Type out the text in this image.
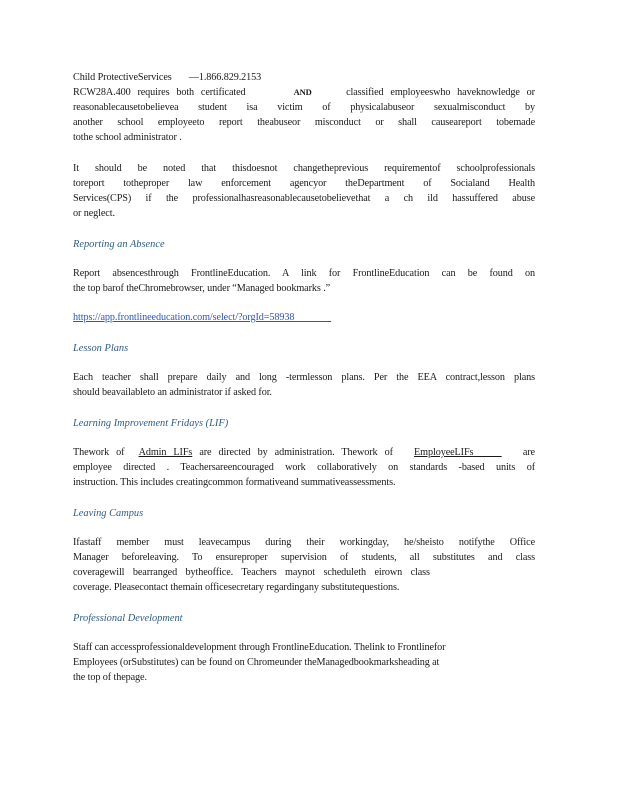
Child ProtectiveServices —1.866.829.2153
RCW28A.400 requires both certificated	AND	classified employeeswho haveknowledge or
reasonablecausetobelievea student isa victim of physicalabuseor sexualmisconduct by
another school employeeto report theabuseor misconduct or shall causeareport tobemade
tothe school administrator .
It should be noted that thisdoesnot changetheprevious requirementof schoolprofessionals
toreport totheproper law enforcement agencyor theDepartment of Socialand Health
Services(CPS) if the professionalhasreasonablecausetobelievethat a ch ild hassuffered abuse
or neglect.

Reporting an Absence

Report absencesthrough FrontlineEducation. A link for FrontlineEducation can be found on
the top barof theChromebrowser, under “Managed bookmarks .”
https://app.frontlineeducation.com/select/?orgId=58938

Lesson Plans

Each teacher shall prepare daily and long -termlesson plans. Per the EEA contract,lesson plans
should beavailableto an administrator if asked for.

Learning Improvement Fridays (LIF)

Thework of Admin LIFs are directed by administration. Thework of EmployeeLIFs	are
employee directed . Teachersareencouraged work collaboratively on standards -based units of
instruction. This includes creatingcommon formativeand summativeassessments.

Leaving Campus

Ifastaff member must leavecampus during their workingday, he/sheisto notifythe Office
Manager beforeleaving. To ensureproper supervision of students, all substitutes and class
coveragewill bearranged bytheoffice. Teachers maynot scheduleth eirown class
coverage. Pleasecontact themain officesecretary regardingany substitutequestions.

Professional Development

Staff can accessprofessionaldevelopment through FrontlineEducation. Thelink to Frontlinefor
Employees (orSubstitutes) can be found on Chromeunder theManagedbookmarksheading at
the top of thepage.
